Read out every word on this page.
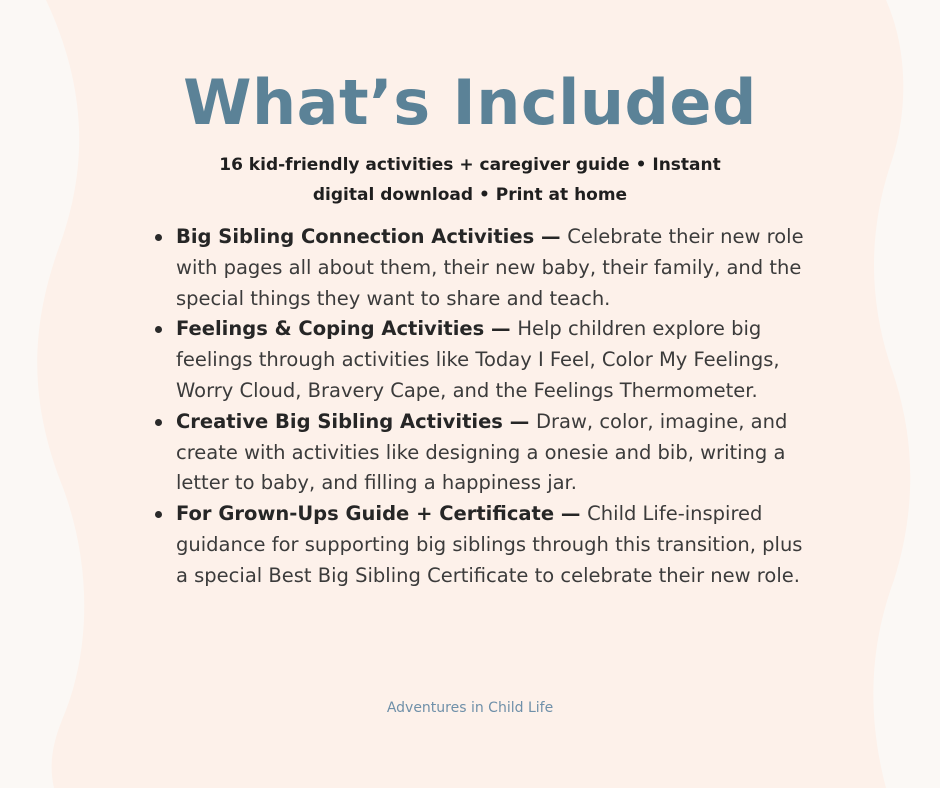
What’s Included

16 kid-friendly activities + caregiver guide • Instant digital download • Print at home

Big Sibling Connection Activities — Celebrate their new role with pages all about them, their new baby, their family, and the special things they want to share and teach.
Feelings & Coping Activities — Help children explore big feelings through activities like Today I Feel, Color My Feelings, Worry Cloud, Bravery Cape, and the Feelings Thermometer.
Creative Big Sibling Activities — Draw, color, imagine, and create with activities like designing a onesie and bib, writing a letter to baby, and filling a happiness jar.
For Grown-Ups Guide + Certificate — Child Life-inspired guidance for supporting big siblings through this transition, plus a special Best Big Sibling Certificate to celebrate their new role.
Adventures in Child Life
